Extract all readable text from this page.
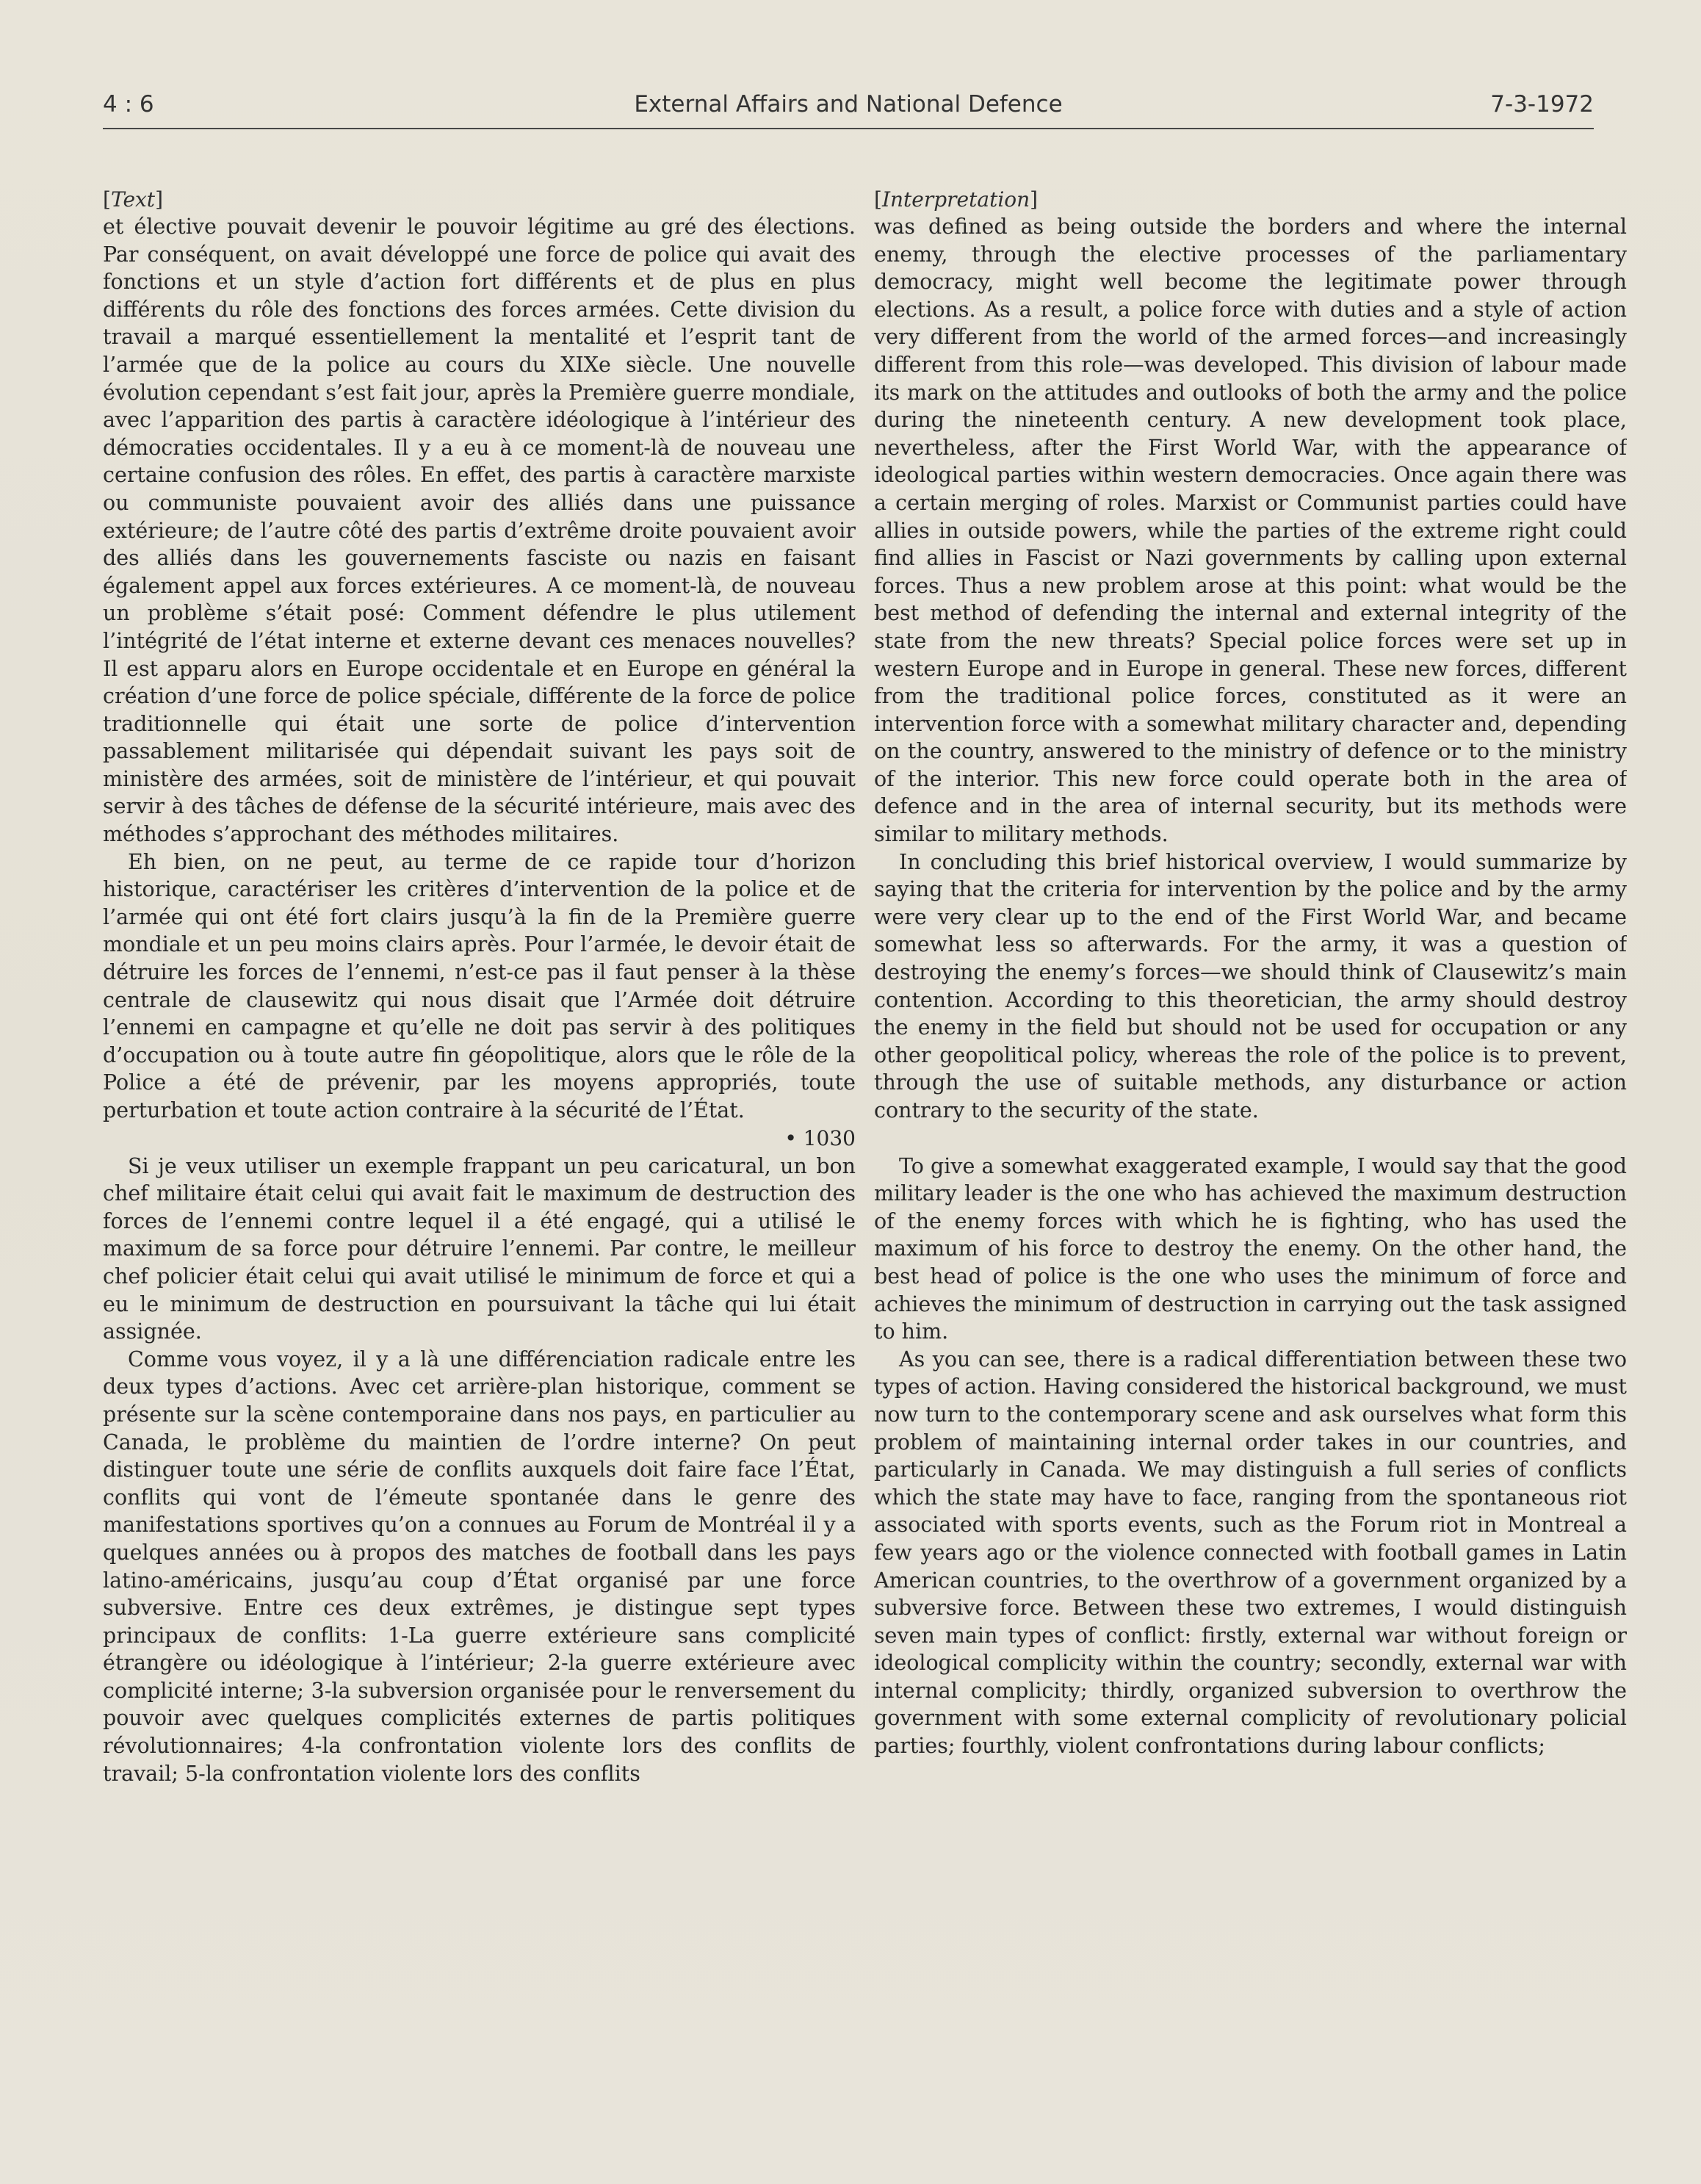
4 : 6	External Affairs and National Defence	7-3-1972
[Text]

et élective pouvait devenir le pouvoir légitime au gré des élections. Par conséquent, on avait développé une force de police qui avait des fonctions et un style d’action fort différents et de plus en plus différents du rôle des fonctions des forces armées. Cette division du travail a marqué essentiellement la mentalité et l’esprit tant de l’armée que de la police au cours du XIXe siècle. Une nouvelle évolution cependant s’est fait jour, après la Première guerre mondiale, avec l’apparition des partis à caractère idéologique à l’intérieur des démocraties occidentales. Il y a eu à ce moment-là de nouveau une certaine confusion des rôles. En effet, des partis à caractère marxiste ou communiste pouvaient avoir des alliés dans une puissance extérieure; de l’autre côté des partis d’extrême droite pouvaient avoir des alliés dans les gouvernements fasciste ou nazis en faisant également appel aux forces extérieures. A ce moment-là, de nouveau un problème s’était posé: Comment défendre le plus utilement l’intégrité de l’état interne et externe devant ces menaces nouvelles? Il est apparu alors en Europe occidentale et en Europe en général la création d’une force de police spéciale, différente de la force de police traditionnelle qui était une sorte de police d’intervention passablement militarisée qui dépendait suivant les pays soit de ministère des armées, soit de ministère de l’intérieur, et qui pouvait servir à des tâches de défense de la sécurité intérieure, mais avec des méthodes s’approchant des méthodes militaires.

Eh bien, on ne peut, au terme de ce rapide tour d’horizon historique, caractériser les critères d’intervention de la police et de l’armée qui ont été fort clairs jusqu’à la fin de la Première guerre mondiale et un peu moins clairs après. Pour l’armée, le devoir était de détruire les forces de l’ennemi, n’est-ce pas il faut penser à la thèse centrale de clausewitz qui nous disait que l’Armée doit détruire l’ennemi en campagne et qu’elle ne doit pas servir à des politiques d’occupation ou à toute autre fin géopolitique, alors que le rôle de la Police a été de prévenir, par les moyens appropriés, toute perturbation et toute action contraire à la sécurité de l’État.

• 1030

Si je veux utiliser un exemple frappant un peu caricatural, un bon chef militaire était celui qui avait fait le maximum de destruction des forces de l’ennemi contre lequel il a été engagé, qui a utilisé le maximum de sa force pour détruire l’ennemi. Par contre, le meilleur chef policier était celui qui avait utilisé le minimum de force et qui a eu le minimum de destruction en poursuivant la tâche qui lui était assignée.

Comme vous voyez, il y a là une différenciation radicale entre les deux types d’actions. Avec cet arrière-plan historique, comment se présente sur la scène contemporaine dans nos pays, en particulier au Canada, le problème du maintien de l’ordre interne? On peut distinguer toute une série de conflits auxquels doit faire face l’État, conflits qui vont de l’émeute spontanée dans le genre des manifestations sportives qu’on a connues au Forum de Montréal il y a quelques années ou à propos des matches de football dans les pays latino-américains, jusqu’au coup d’État organisé par une force subversive. Entre ces deux extrêmes, je distingue sept types principaux de conflits: 1-La guerre extérieure sans complicité étrangère ou idéologique à l’intérieur; 2-la guerre extérieure avec complicité interne; 3-la subversion organisée pour le renversement du pouvoir avec quelques complicités externes de partis politiques révolutionnaires; 4-la confrontation violente lors des conflits de travail; 5-la confrontation violente lors des conflits

[Interpretation]

was defined as being outside the borders and where the internal enemy, through the elective processes of the parliamentary democracy, might well become the legitimate power through elections. As a result, a police force with duties and a style of action very different from the world of the armed forces—and increasingly different from this role—was developed. This division of labour made its mark on the attitudes and outlooks of both the army and the police during the nineteenth century. A new development took place, nevertheless, after the First World War, with the appearance of ideological parties within western democracies. Once again there was a certain merging of roles. Marxist or Communist parties could have allies in outside powers, while the parties of the extreme right could find allies in Fascist or Nazi governments by calling upon external forces. Thus a new problem arose at this point: what would be the best method of defending the internal and external integrity of the state from the new threats? Special police forces were set up in western Europe and in Europe in general. These new forces, different from the traditional police forces, constituted as it were an intervention force with a somewhat military character and, depending on the country, answered to the ministry of defence or to the ministry of the interior. This new force could operate both in the area of defence and in the area of internal security, but its methods were similar to military methods.

In concluding this brief historical overview, I would summarize by saying that the criteria for intervention by the police and by the army were very clear up to the end of the First World War, and became somewhat less so afterwards. For the army, it was a question of destroying the enemy’s forces—we should think of Clausewitz’s main contention. According to this theoretician, the army should destroy the enemy in the field but should not be used for occupation or any other geopolitical policy, whereas the role of the police is to prevent, through the use of suitable methods, any disturbance or action contrary to the security of the state.

To give a somewhat exaggerated example, I would say that the good military leader is the one who has achieved the maximum destruction of the enemy forces with which he is fighting, who has used the maximum of his force to destroy the enemy. On the other hand, the best head of police is the one who uses the minimum of force and achieves the minimum of destruction in carrying out the task assigned to him.

As you can see, there is a radical differentiation between these two types of action. Having considered the historical background, we must now turn to the contemporary scene and ask ourselves what form this problem of maintaining internal order takes in our countries, and particularly in Canada. We may distinguish a full series of conflicts which the state may have to face, ranging from the spontaneous riot associated with sports events, such as the Forum riot in Montreal a few years ago or the violence connected with football games in Latin American countries, to the overthrow of a government organized by a subversive force. Between these two extremes, I would distinguish seven main types of conflict: firstly, external war without foreign or ideological complicity within the country; secondly, external war with internal complicity; thirdly, organized subversion to overthrow the government with some external complicity of revolutionary policial parties; fourthly, violent confrontations during labour conflicts;
